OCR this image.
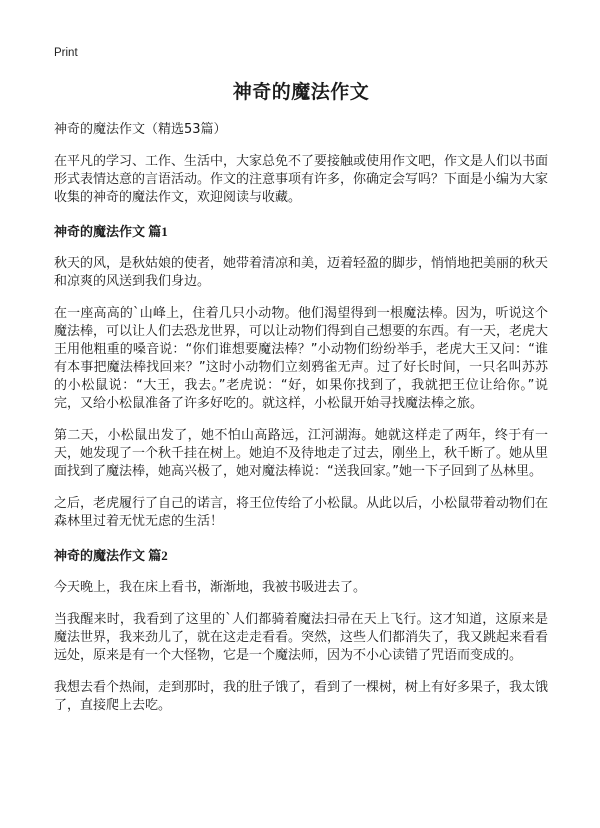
Print
神奇的魔法作文
神奇的魔法作文（精选53篇）

在平凡的学习、工作、生活中，大家总免不了要接触或使用作文吧，作文是人们以书面形式表情达意的言语活动。作文的注意事项有许多，你确定会写吗？下面是小编为大家收集的神奇的魔法作文，欢迎阅读与收藏。

神奇的魔法作文 篇1

秋天的风，是秋姑娘的使者，她带着清凉和美，迈着轻盈的脚步，悄悄地把美丽的秋天和凉爽的风送到我们身边。

在一座高高的`山峰上，住着几只小动物。他们渴望得到一根魔法棒。因为，听说这个魔法棒，可以让人们去恐龙世界，可以让动物们得到自己想要的东西。有一天，老虎大王用他粗重的嗓音说：“你们谁想要魔法棒？”小动物们纷纷举手，老虎大王又问：“谁有本事把魔法棒找回来？”这时小动物们立刻鸦雀无声。过了好长时间，一只名叫苏苏的小松鼠说：“大王，我去。”老虎说：“好，如果你找到了，我就把王位让给你。”说完，又给小松鼠准备了许多好吃的。就这样，小松鼠开始寻找魔法棒之旅。

第二天，小松鼠出发了，她不怕山高路远，江河湖海。她就这样走了两年，终于有一天，她发现了一个秋千挂在树上。她迫不及待地走了过去，刚坐上，秋千断了。她从里面找到了魔法棒，她高兴极了，她对魔法棒说：“送我回家。”她一下子回到了丛林里。

之后，老虎履行了自己的诺言，将王位传给了小松鼠。从此以后，小松鼠带着动物们在森林里过着无忧无虑的生活！

神奇的魔法作文 篇2

今天晚上，我在床上看书，渐渐地，我被书吸进去了。

当我醒来时，我看到了这里的`人们都骑着魔法扫帚在天上飞行。这才知道，这原来是魔法世界，我来劲儿了，就在这走走看看。突然，这些人们都消失了，我又跳起来看看远处，原来是有一个大怪物，它是一个魔法师，因为不小心读错了咒语而变成的。

我想去看个热闹，走到那时，我的肚子饿了，看到了一棵树，树上有好多果子，我太饿了，直接爬上去吃。
